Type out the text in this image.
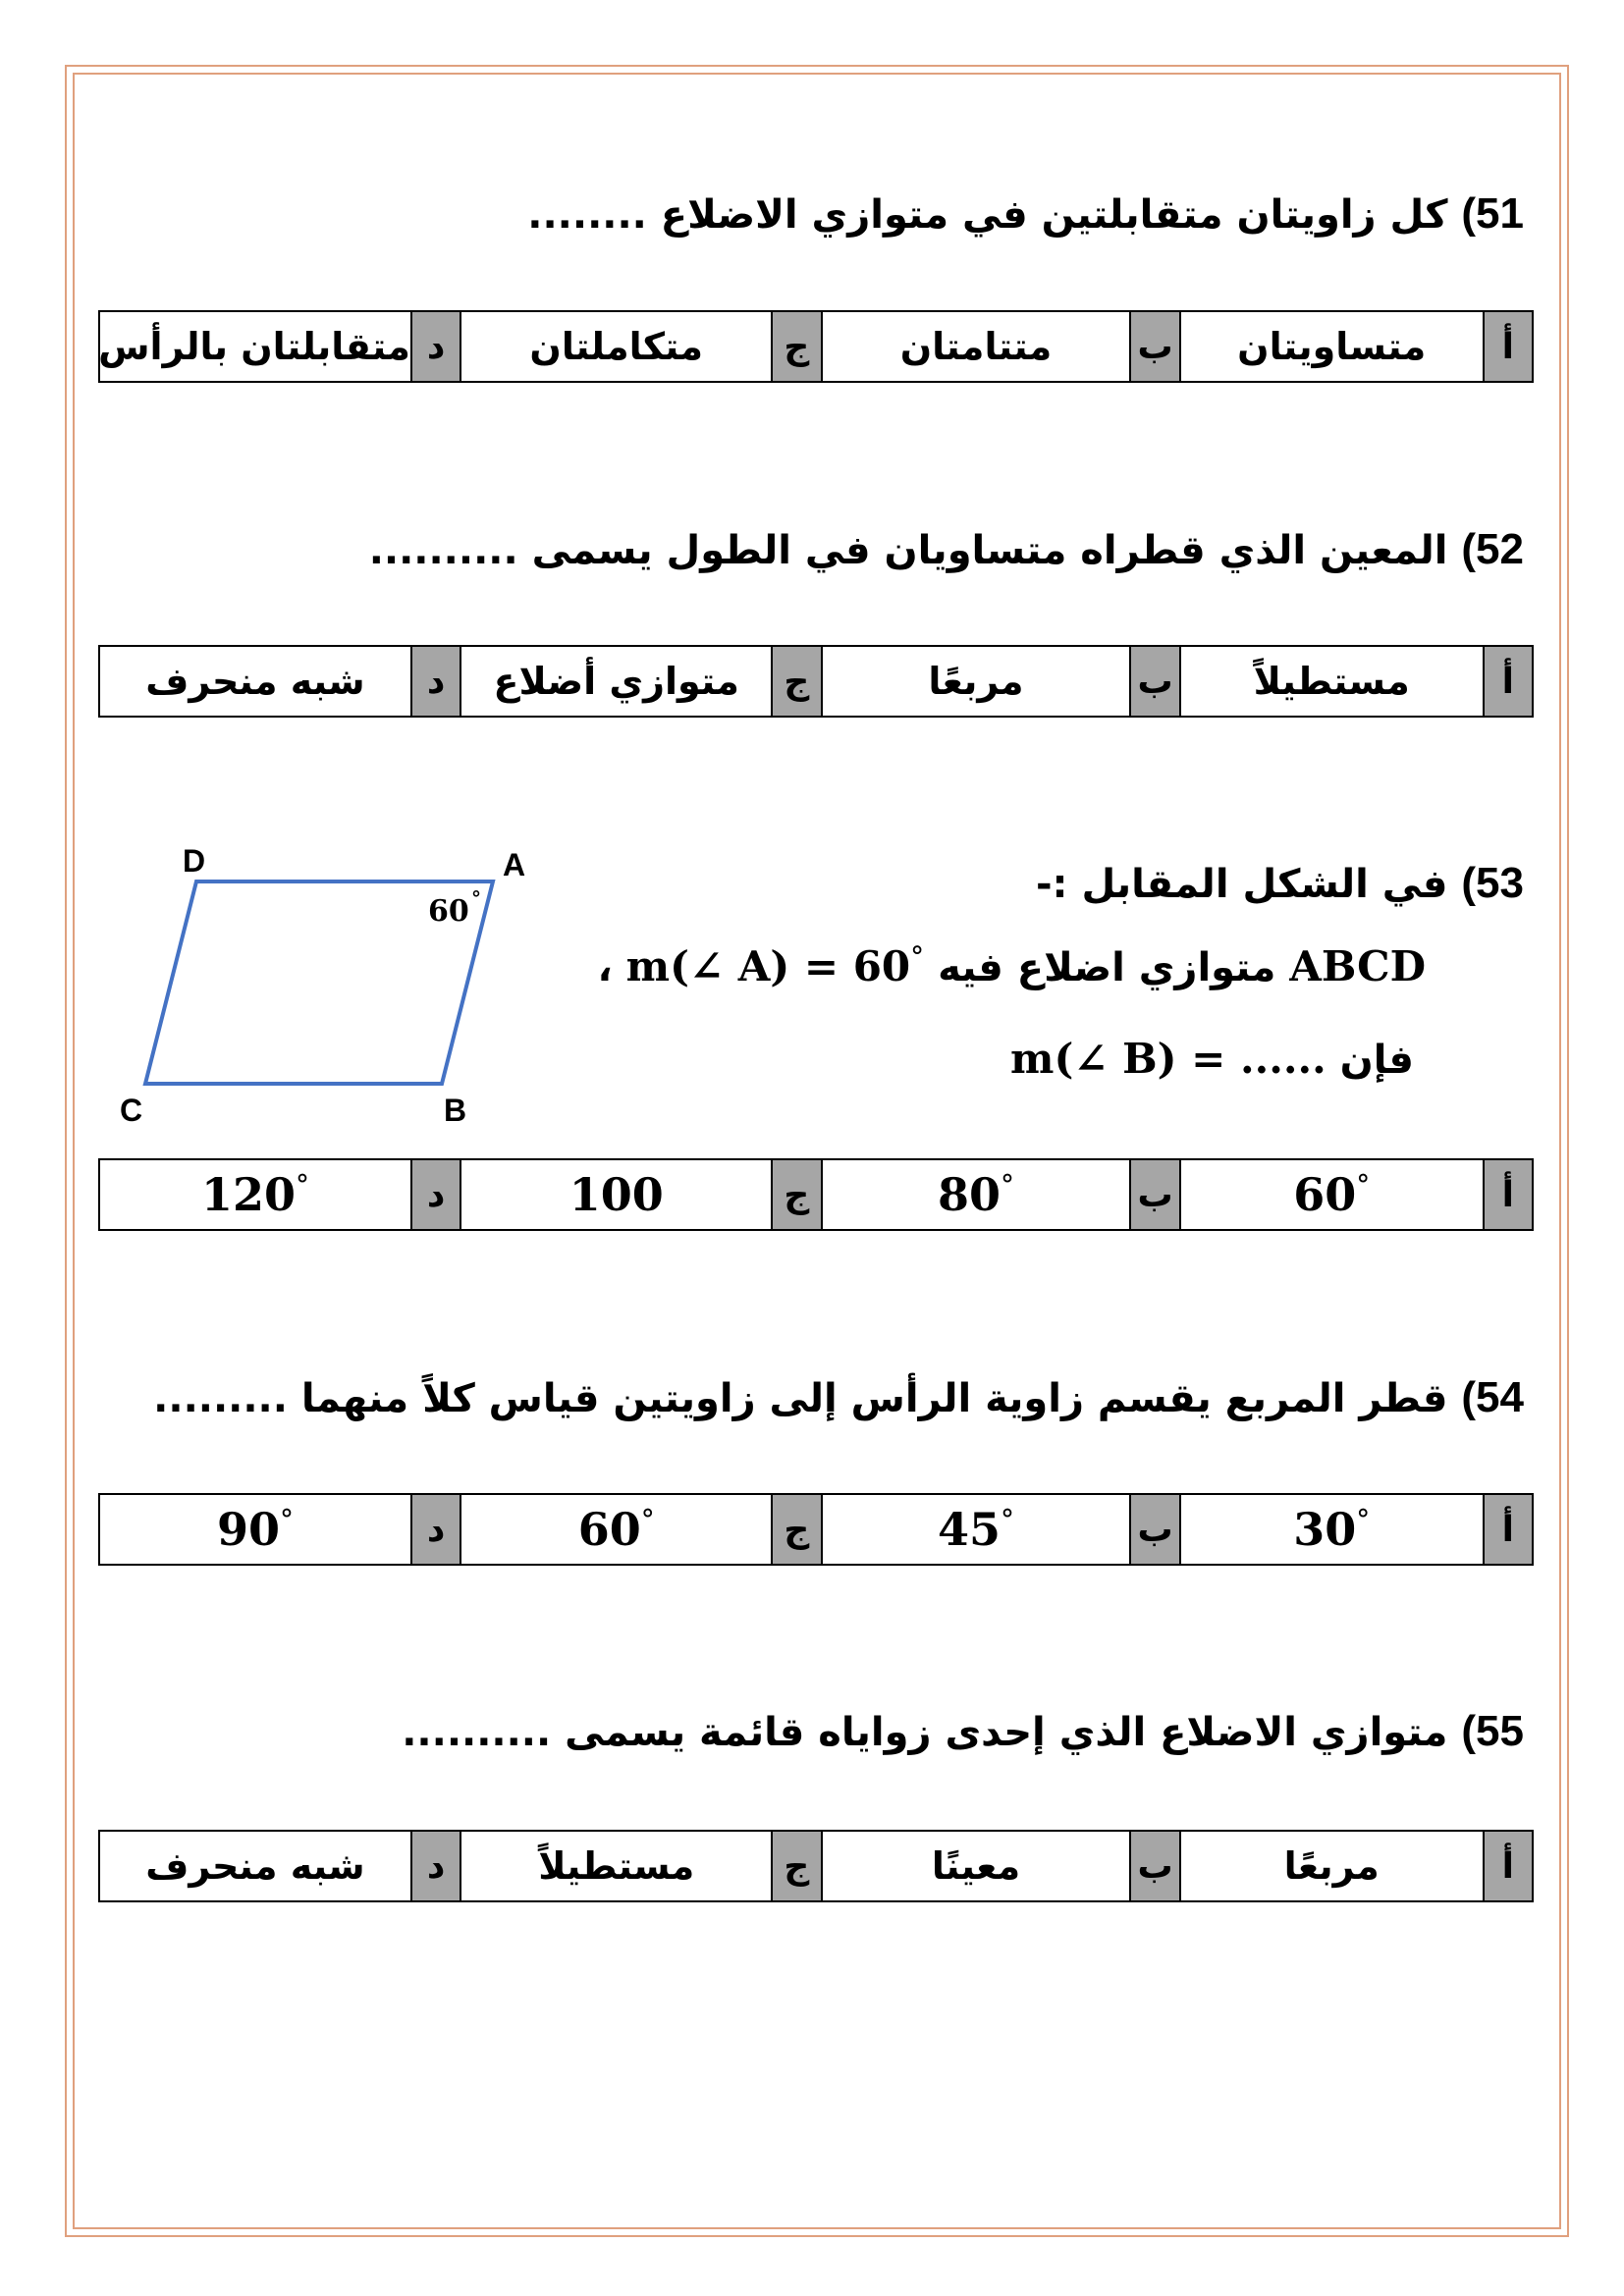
51) كل زاويتان متقابلتين في متوازي الاضلاع ........
أ	متساويتان	ب	متتامتان	ج	متكاملتان	د	متقابلتان بالرأس
52) المعين الذي قطراه متساويان في الطول يسمى ..........
أ	مستطيلاً	ب	مربعًا	ج	متوازي أضلاع	د	شبه منحرف
53) في الشكل المقابل :-
ABCD متوازي اضلاع فيه m(∠ A) = 60° ،
فإن m(∠ B) = ......
D	A
C	B
60 °
أ	60°	ب	80°	ج	100	د	120°
54) قطر المربع يقسم زاوية الرأس إلى زاويتين قياس كلاً منهما .........
أ	30°	ب	45°	ج	60°	د	90°
55) متوازي الاضلاع الذي إحدى زواياه قائمة يسمى ..........
أ	مربعًا	ب	معينًا	ج	مستطيلاً	د	شبه منحرف
